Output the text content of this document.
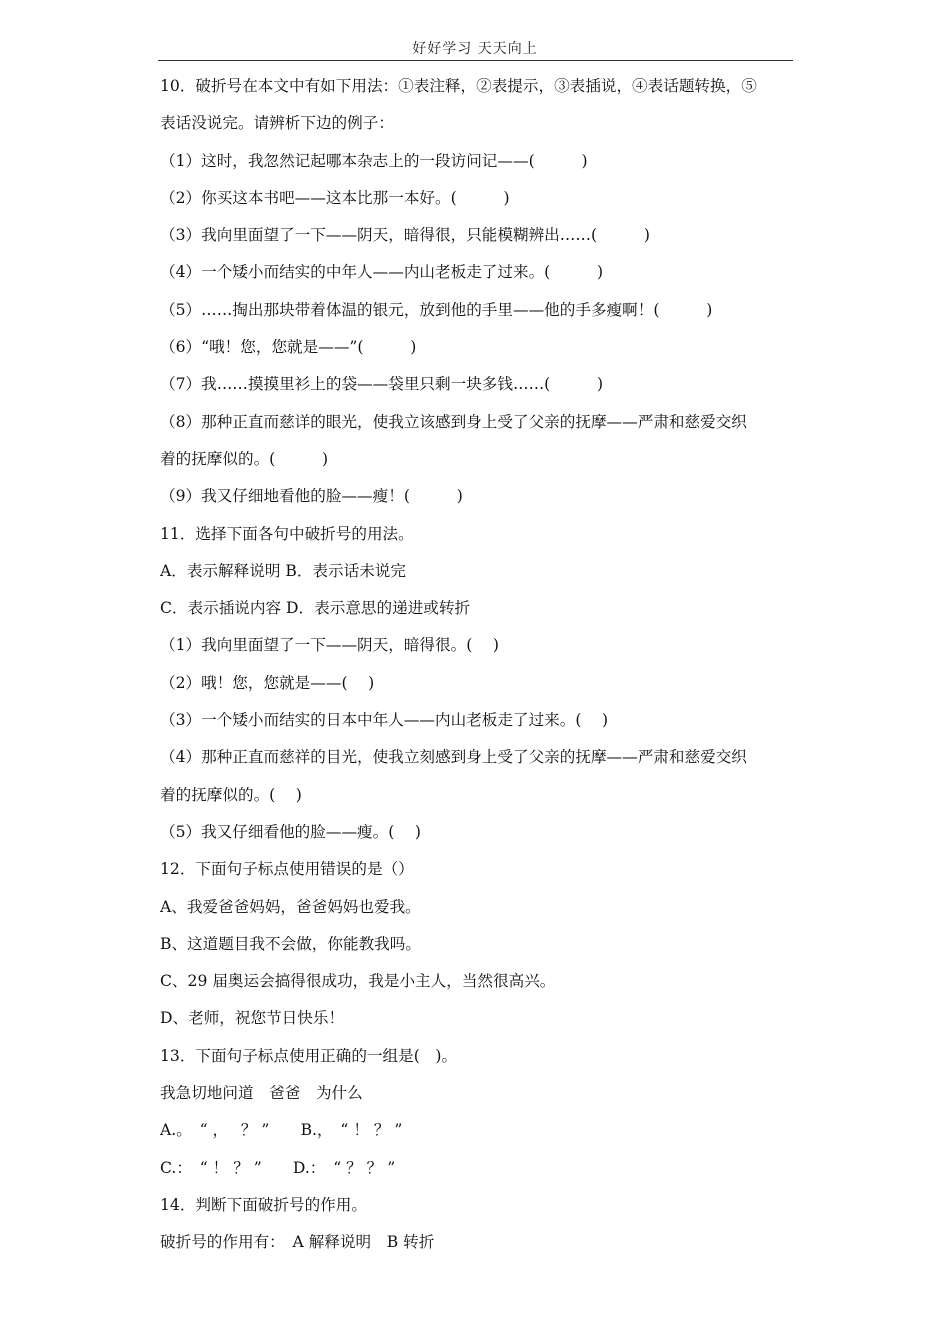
好好学习 天天向上
10．破折号在本文中有如下用法：①表注释，②表提示，③表插说，④表话题转换，⑤
表话没说完。请辨析下边的例子：
（1）这时，我忽然记起哪本杂志上的一段访问记——(　　　)
（2）你买这本书吧——这本比那一本好。(　　　)
（3）我向里面望了一下——阴天，暗得很，只能模糊辨出……(　　　)
（4）一个矮小而结实的中年人——内山老板走了过来。(　　　)
（5）……掏出那块带着体温的银元，放到他的手里——他的手多瘦啊！(　　　)
（6）“哦！您，您就是——”(　　　)
（7）我……摸摸里衫上的袋——袋里只剩一块多钱……(　　　)
（8）那种正直而慈详的眼光，使我立该感到身上受了父亲的抚摩——严肃和慈爱交织
着的抚摩似的。(　　　)
（9）我又仔细地看他的脸——瘦！(　　　)
11．选择下面各句中破折号的用法。
A．表示解释说明 B．表示话未说完
C．表示插说内容 D．表示意思的递进或转折
（1）我向里面望了一下——阴天，暗得很。(　 )
（2）哦！您，您就是——(　 )
（3）一个矮小而结实的日本中年人——内山老板走了过来。(　 )
（4）那种正直而慈祥的目光，使我立刻感到身上受了父亲的抚摩——严肃和慈爱交织
着的抚摩似的。(　 )
（5）我又仔细看他的脸——瘦。(　 )
12．下面句子标点使用错误的是（）
A、我爱爸爸妈妈，爸爸妈妈也爱我。
B、这道题目我不会做，你能教我吗。
C、29 届奥运会搞得很成功，我是小主人，当然很高兴。
D、老师，祝您节日快乐！
13．下面句子标点使用正确的一组是(　)。
我急切地问道　爸爸　为什么
A.。　“ ，　 ？ ”　　B.，　“ ！ ？ ”
C.：　“ ！ ？ ”　　D.：　“ ？ ？ ”
14．判断下面破折号的作用。
破折号的作用有：　A 解释说明　B 转折
